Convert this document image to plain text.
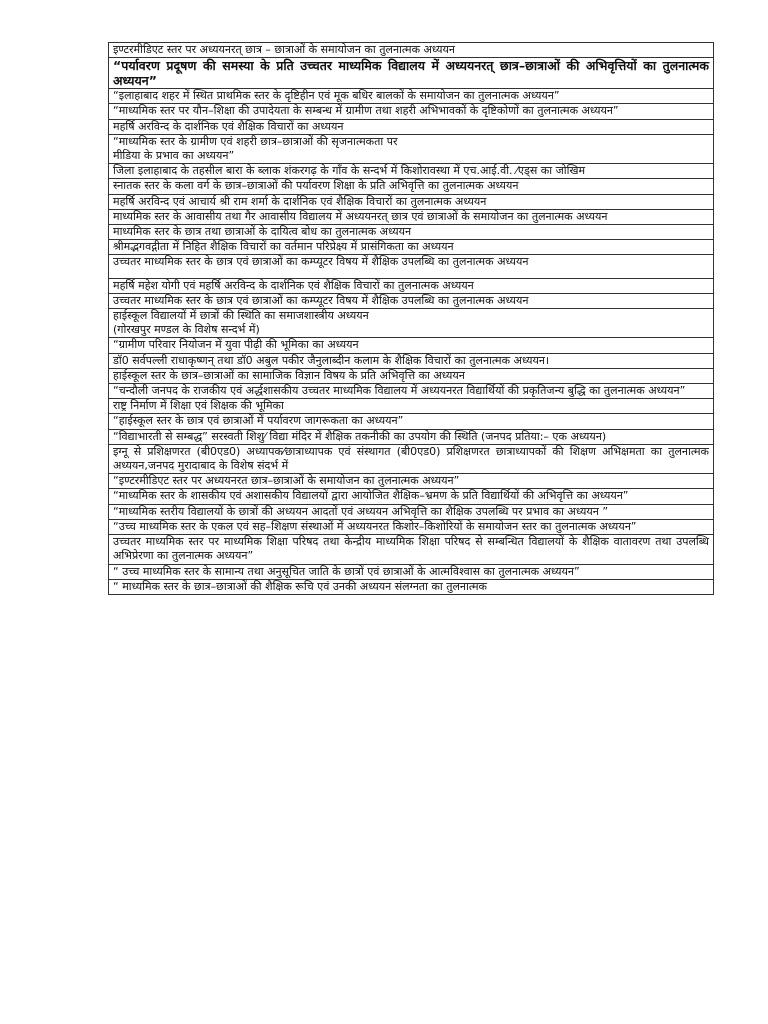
इण्टरमीडिएट स्तर पर अध्ययनरत् छात्र – छात्राओं के समायोजन का तुलनात्मक अध्ययन
“पर्यावरण प्रदूषण की समस्या के प्रति उच्चतर माध्यमिक विद्यालय में अध्ययनरत् छात्र–छात्राओं की अभिवृत्तियों का तुलनात्मक अध्ययन”
“इलाहाबाद शहर में स्थित प्राथमिक स्तर के दृष्टिहीन एवं मूक बधिर बालकों के समायोजन का तुलनात्मक अध्ययन”
“माध्यमिक स्तर पर यौन–शिक्षा की उपादेयता के सम्बन्ध में ग्रामीण तथा शहरी अभिभावकों के दृष्टिकोणों का तुलनात्मक अध्ययन”
महर्षि अरविन्द के दार्शनिक एवं शैक्षिक विचारों का अध्ययन
“माध्यमिक स्तर के ग्रामीण एवं शहरी छात्र–छात्राओं की सृजनात्मकता पर
मीडिया के प्रभाव का अध्ययन”
जिला इलाहाबाद के तहसील बारा के ब्लाक शंकरगढ़ के गाँव के सन्दर्भ में किशोरावस्था में एच.आई.वी. ⁄एड्स का जोखिम
स्नातक स्तर के कला वर्ग के छात्र–छात्राओं की पर्यावरण शिक्षा के प्रति अभिवृत्ति का तुलनात्मक अध्ययन
महर्षि अरविन्द एवं आचार्य श्री राम शर्मा के दार्शनिक एवं शैक्षिक विचारों का तुलनात्मक अध्ययन
माध्यमिक स्तर के आवासीय तथा गैर आवासीय विद्यालय में अध्ययनरत् छात्र एवं छात्राओं के समायोजन का तुलनात्मक अध्ययन
माध्यमिक स्तर के छात्र तथा छात्राओं के दायित्व बोध का तुलनात्मक अध्ययन
श्रीमद्भगवद्गीता में निहित शैक्षिक विचारों का वर्तमान परिप्रेक्ष्य में प्रासंगिकता का अध्ययन
उच्चतर माध्यमिक स्तर के छात्र एवं छात्राओं का कम्प्यूटर विषय में शैक्षिक उपलब्धि का तुलनात्मक अध्ययन
महर्षि महेश योगी एवं महर्षि अरविन्द के दार्शनिक एवं शैक्षिक विचारों का तुलनात्मक अध्ययन
उच्चतर माध्यमिक स्तर के छात्र एवं छात्राओं का कम्प्यूटर विषय में शैक्षिक उपलब्धि का तुलनात्मक अध्ययन
हाईस्कूल विद्यालयों में छात्रों की स्थिति का समाजशास्त्रीय अध्ययन
(गोरखपुर मण्डल के विशेष सन्दर्भ में)
“ग्रामीण परिवार नियोजन में युवा पीढ़ी की भूमिका का अध्ययन
डॉ0 सर्वपल्ली राधाकृष्णन् तथा डॉ0 अबुल पकीर जैनुलाब्दीन कलाम के शैक्षिक विचारों का तुलनात्मक अध्ययन।
हाईस्कूल स्तर के छात्र–छात्राओं का सामाजिक विज्ञान विषय के प्रति अभिवृत्ति का अध्ययन
“चन्दौली जनपद के राजकीय एवं अर्द्धशासकीय उच्चतर माध्यमिक विद्यालय में अध्ययनरत विद्यार्थियों की प्रकृतिजन्य बुद्धि का तुलनात्मक अध्ययन”
राष्ट्र निर्माण में शिक्षा एवं शिक्षक की भूमिका
“हाईस्कूल स्तर के छात्र एवं छात्राओं में पर्यावरण जागरूकता का अध्ययन”
“विद्याभारती से सम्बद्ध” सरस्वती शिशु⁄ विद्या मंदिर में शैक्षिक तकनीकी का उपयोग की स्थिति (जनपद प्रतिया:– एक अध्ययन)
इग्नू से प्रशिक्षणरत (बी0एड0) अध्यापक⁄छात्राध्यापक एवं संस्थागत (बी0एड0) प्रशिक्षणरत छात्राध्यापकों की शिक्षण अभिक्षमता का तुलनात्मक अध्ययन,जनपद मुरादाबाद के विशेष संदर्भ में
“इण्टरमीडिएट स्तर पर अध्ययनरत छात्र–छात्राओं के समायोजन का तुलनात्मक अध्ययन”
“माध्यमिक स्तर के शासकीय एवं अशासकीय विद्यालयों द्वारा आयोजित शैक्षिक–भ्रमण के प्रति विद्यार्थियों की अभिवृत्ति का अध्ययन”
“माध्यमिक स्तरीय विद्यालयों के छात्रों की अध्ययन आदतों एवं अध्ययन अभिवृत्ति का शैक्षिक उपलब्धि पर प्रभाव का अध्ययन ”
“उच्च माध्यमिक स्तर के एकल एवं सह–शिक्षण संस्थाओं में अध्ययनरत किशोर–किशोरियों के समायोजन स्तर का तुलनात्मक अध्ययन”
उच्चतर माध्यमिक स्तर पर माध्यमिक शिक्षा परिषद तथा केन्द्रीय माध्यमिक शिक्षा परिषद से सम्बन्धित विद्यालयों के शैक्षिक वातावरण तथा उपलब्धि अभिप्रेरणा का तुलनात्मक अध्ययन”
“ उच्च माध्यमिक स्तर के सामान्य तथा अनुसूचित जाति के छात्रों एवं छात्राओं के आत्मविश्वास का तुलनात्मक अध्ययन”
“ माध्यमिक स्तर के छात्र–छात्राओं की शैक्षिक रूचि एवं उनकी अध्ययन संलग्नता का तुलनात्मक
